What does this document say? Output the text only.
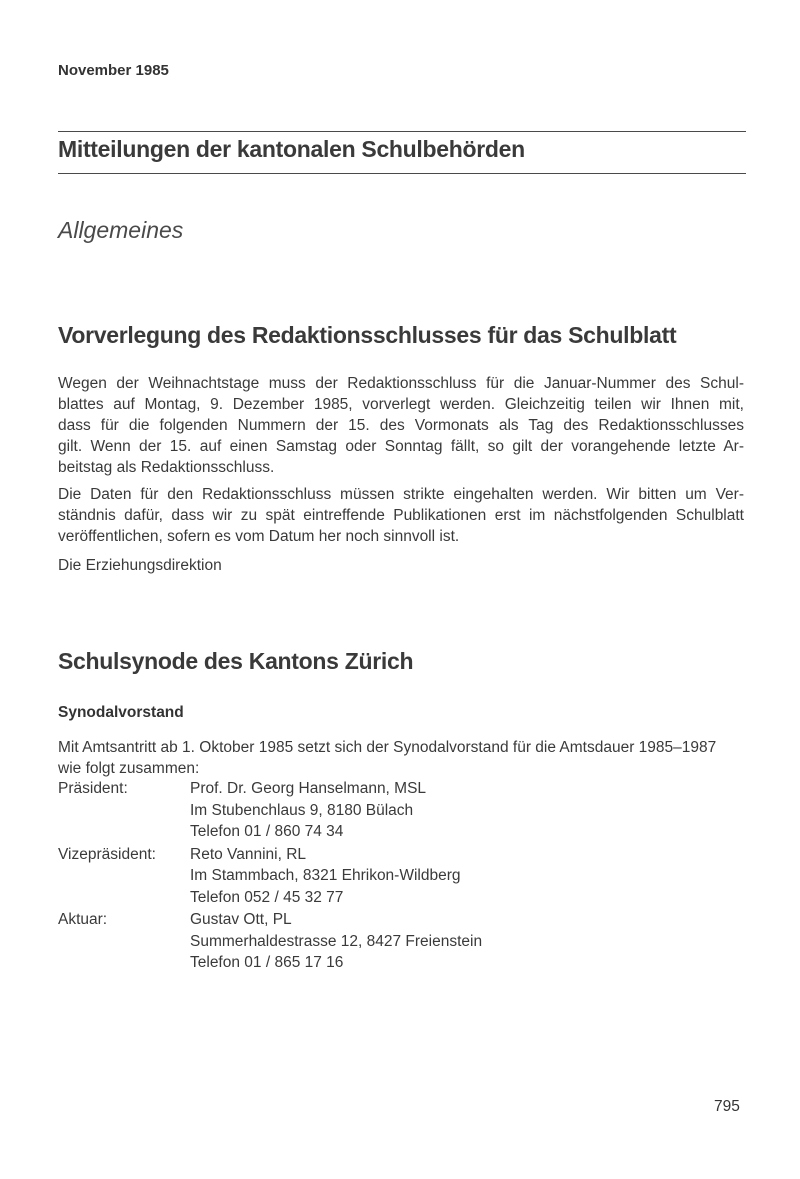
November 1985
Mitteilungen der kantonalen Schulbehörden
Allgemeines
Vorverlegung des Redaktionsschlusses für das Schulblatt
Wegen der Weihnachtstage muss der Redaktionsschluss für die Januar-Nummer des Schul-
blattes auf Montag, 9. Dezember 1985, vorverlegt werden. Gleichzeitig teilen wir Ihnen mit,
dass für die folgenden Nummern der 15. des Vormonats als Tag des Redaktionsschlusses
gilt. Wenn der 15. auf einen Samstag oder Sonntag fällt, so gilt der vorangehende letzte Ar-
beitstag als Redaktionsschluss.
Die Daten für den Redaktionsschluss müssen strikte eingehalten werden. Wir bitten um Ver-
ständnis dafür, dass wir zu spät eintreffende Publikationen erst im nächstfolgenden Schulblatt
veröffentlichen, sofern es vom Datum her noch sinnvoll ist.
Die Erziehungsdirektion
Schulsynode des Kantons Zürich
Synodalvorstand
Mit Amtsantritt ab 1. Oktober 1985 setzt sich der Synodalvorstand für die Amtsdauer 1985–1987
wie folgt zusammen:
Präsident:	Prof. Dr. Georg Hanselmann, MSL
Im Stubenchlaus 9, 8180 Bülach
Telefon 01 / 860 74 34
Vizepräsident:	Reto Vannini, RL
Im Stammbach, 8321 Ehrikon-Wildberg
Telefon 052 / 45 32 77
Aktuar:	Gustav Ott, PL
Summerhaldestrasse 12, 8427 Freienstein
Telefon 01 / 865 17 16
795
